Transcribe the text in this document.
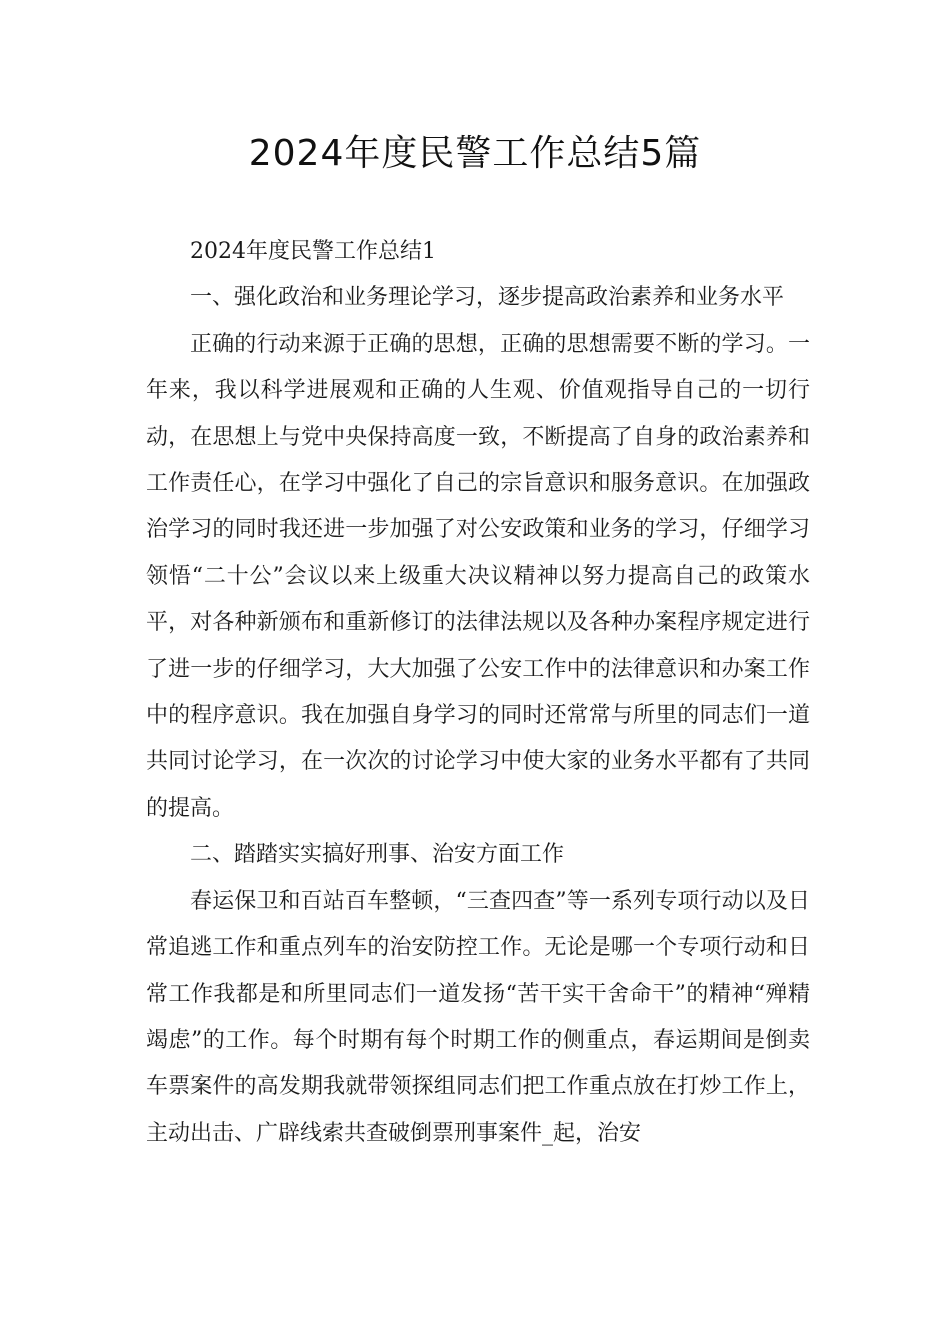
2024年度民警工作总结5篇

2024年度民警工作总结1

一、强化政治和业务理论学习，逐步提高政治素养和业务水平

正确的行动来源于正确的思想，正确的思想需要不断的学习。一年来，我以科学进展观和正确的人生观、价值观指导自己的一切行动，在思想上与党中央保持高度一致，不断提高了自身的政治素养和工作责任心，在学习中强化了自己的宗旨意识和服务意识。在加强政治学习的同时我还进一步加强了对公安政策和业务的学习，仔细学习领悟“二十公”会议以来上级重大决议精神以努力提高自己的政策水平，对各种新颁布和重新修订的法律法规以及各种办案程序规定进行了进一步的仔细学习，大大加强了公安工作中的法律意识和办案工作中的程序意识。我在加强自身学习的同时还常常与所里的同志们一道共同讨论学习，在一次次的讨论学习中使大家的业务水平都有了共同的提高。

二、踏踏实实搞好刑事、治安方面工作

春运保卫和百站百车整顿，“三查四查”等一系列专项行动以及日常追逃工作和重点列车的治安防控工作。无论是哪一个专项行动和日常工作我都是和所里同志们一道发扬“苦干实干舍命干”的精神“殚精竭虑”的工作。每个时期有每个时期工作的侧重点，春运期间是倒卖车票案件的高发期我就带领探组同志们把工作重点放在打炒工作上，主动出击、广辟线索共查破倒票刑事案件_起，治安
